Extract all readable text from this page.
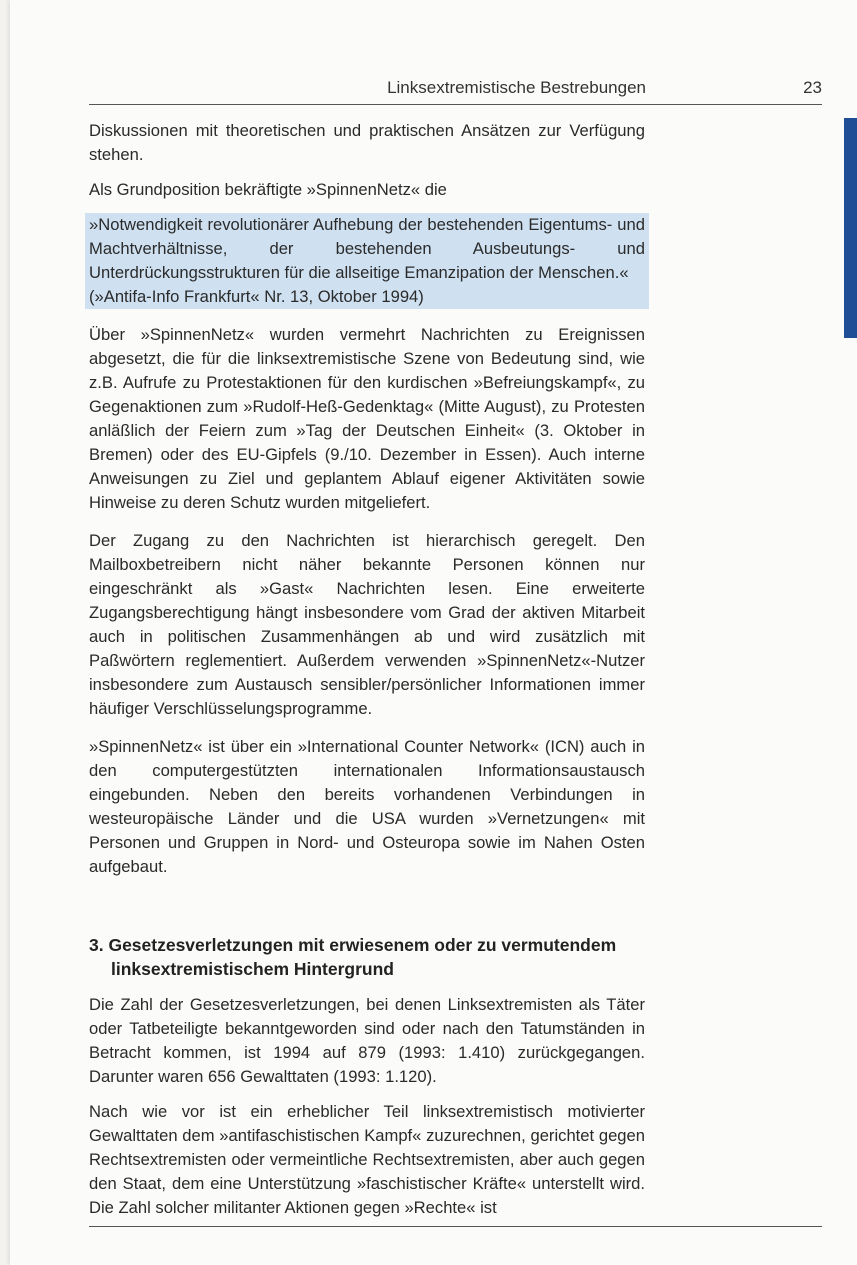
Linksextremistische Bestrebungen	23

Diskussionen mit theoretischen und praktischen Ansätzen zur Verfügung stehen.

Als Grundposition bekräftigte »SpinnenNetz« die

»Notwendigkeit revolutionärer Aufhebung der bestehenden Eigentums- und Machtverhältnisse, der bestehenden Ausbeutungs- und Unterdrückungsstrukturen für die allseitige Emanzipation der Menschen.«

(»Antifa-Info Frankfurt« Nr. 13, Oktober 1994)

Über »SpinnenNetz« wurden vermehrt Nachrichten zu Ereignissen abgesetzt, die für die linksextremistische Szene von Bedeutung sind, wie z.B. Aufrufe zu Protestaktionen für den kurdischen »Befreiungskampf«, zu Gegenaktionen zum »Rudolf-Heß-Gedenktag« (Mitte August), zu Protesten anläßlich der Feiern zum »Tag der Deutschen Einheit« (3. Oktober in Bremen) oder des EU-Gipfels (9./10. Dezember in Essen). Auch interne Anweisungen zu Ziel und geplantem Ablauf eigener Aktivitäten sowie Hinweise zu deren Schutz wurden mitgeliefert.

Der Zugang zu den Nachrichten ist hierarchisch geregelt. Den Mailboxbetreibern nicht näher bekannte Personen können nur eingeschränkt als »Gast« Nachrichten lesen. Eine erweiterte Zugangsberechtigung hängt insbesondere vom Grad der aktiven Mitarbeit auch in politischen Zusammenhängen ab und wird zusätzlich mit Paßwörtern reglementiert. Außerdem verwenden »SpinnenNetz«-Nutzer insbesondere zum Austausch sensibler/persönlicher Informationen immer häufiger Verschlüsselungsprogramme.

»SpinnenNetz« ist über ein »International Counter Network« (ICN) auch in den computergestützten internationalen Informationsaustausch eingebunden. Neben den bereits vorhandenen Verbindungen in westeuropäische Länder und die USA wurden »Vernetzungen« mit Personen und Gruppen in Nord- und Osteuropa sowie im Nahen Osten aufgebaut.

3. Gesetzesverletzungen mit erwiesenem oder zu vermutendem linksextremistischem Hintergrund

Die Zahl der Gesetzesverletzungen, bei denen Linksextremisten als Täter oder Tatbeteiligte bekanntgeworden sind oder nach den Tatumständen in Betracht kommen, ist 1994 auf 879 (1993: 1.410) zurückgegangen. Darunter waren 656 Gewalttaten (1993: 1.120).

Nach wie vor ist ein erheblicher Teil linksextremistisch motivierter Gewalttaten dem »antifaschistischen Kampf« zuzurechnen, gerichtet gegen Rechtsextremisten oder vermeintliche Rechtsextremisten, aber auch gegen den Staat, dem eine Unterstützung »faschistischer Kräfte« unterstellt wird. Die Zahl solcher militanter Aktionen gegen »Rechte« ist
